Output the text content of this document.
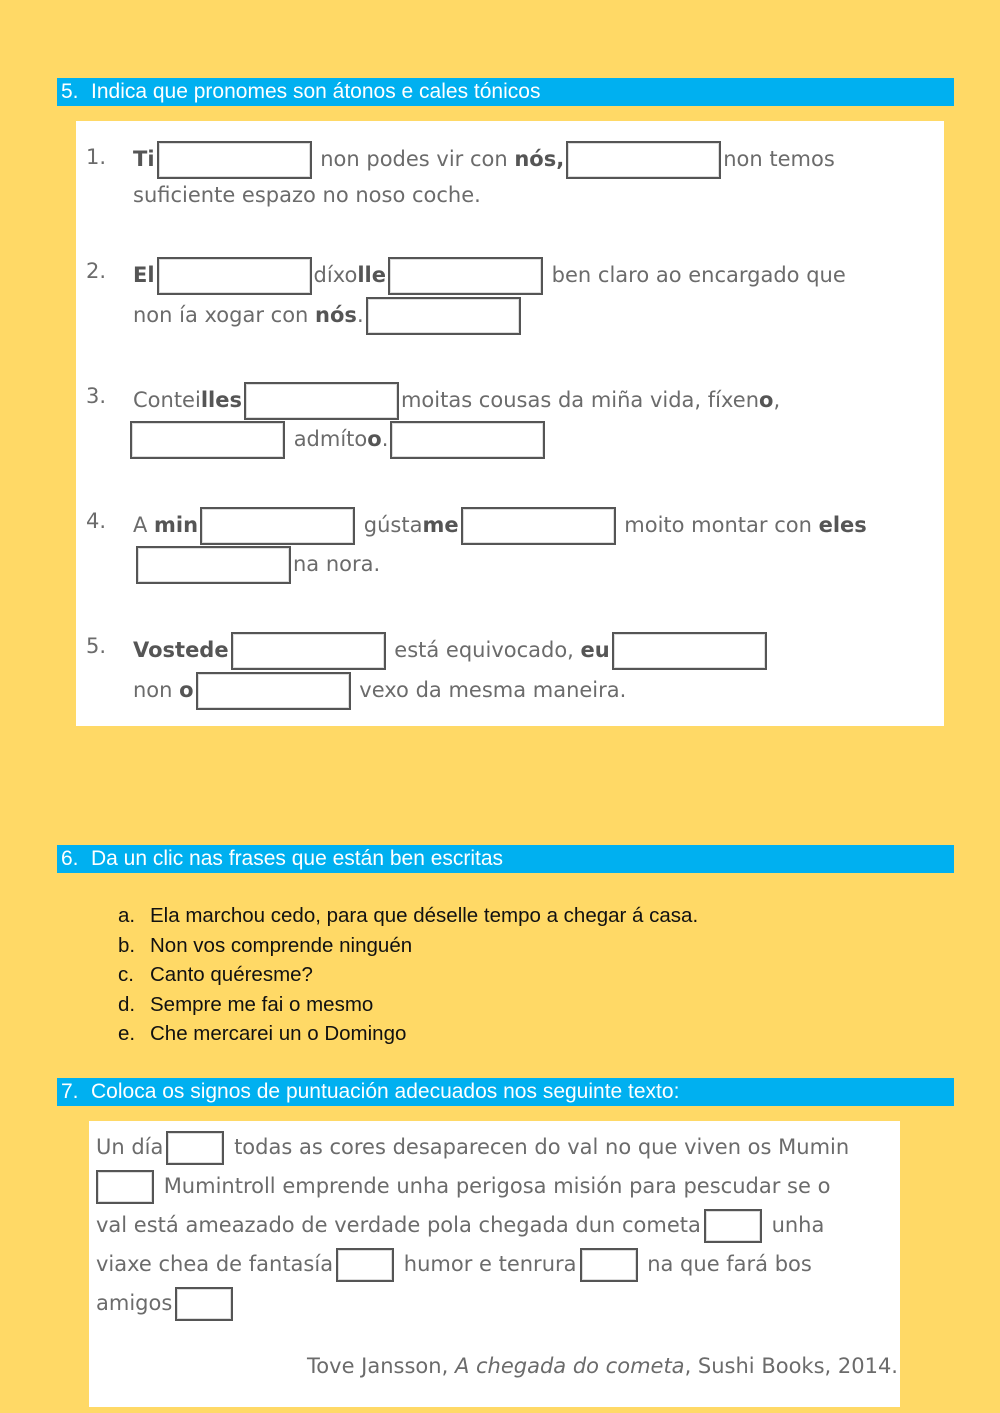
5. Indica que pronomes son átonos e cales tónicos
1. Ti	non podes vir con nós,	non temos
suficiente espazo no noso coche.
2. El	díxolle	ben claro ao encargado que
non ía xogar con nós.
3. Conteilles	moitas cousas da miña vida, fíxeno,
admítoo.
4. A min	gústame	moito montar con eles
na nora.
5. Vostede	está equivocado, eu
non o	vexo da mesma maneira.
6. Da un clic nas frases que están ben escritas
a. Ela marchou cedo, para que déselle tempo a chegar á casa.
b. Non vos comprende ninguén
c. Canto quéresme?
d. Sempre me fai o mesmo
e. Che mercarei un o Domingo
7. Coloca os signos de puntuación adecuados nos seguinte texto:
Un día	todas as cores desaparecen do val no que viven os Mumin
Mumintroll emprende unha perigosa misión para pescudar se o
val está ameazado de verdade pola chegada dun cometa	unha
viaxe chea de fantasía	humor e tenrura	na que fará bos
amigos
Tove Jansson, A chegada do cometa, Sushi Books, 2014.
